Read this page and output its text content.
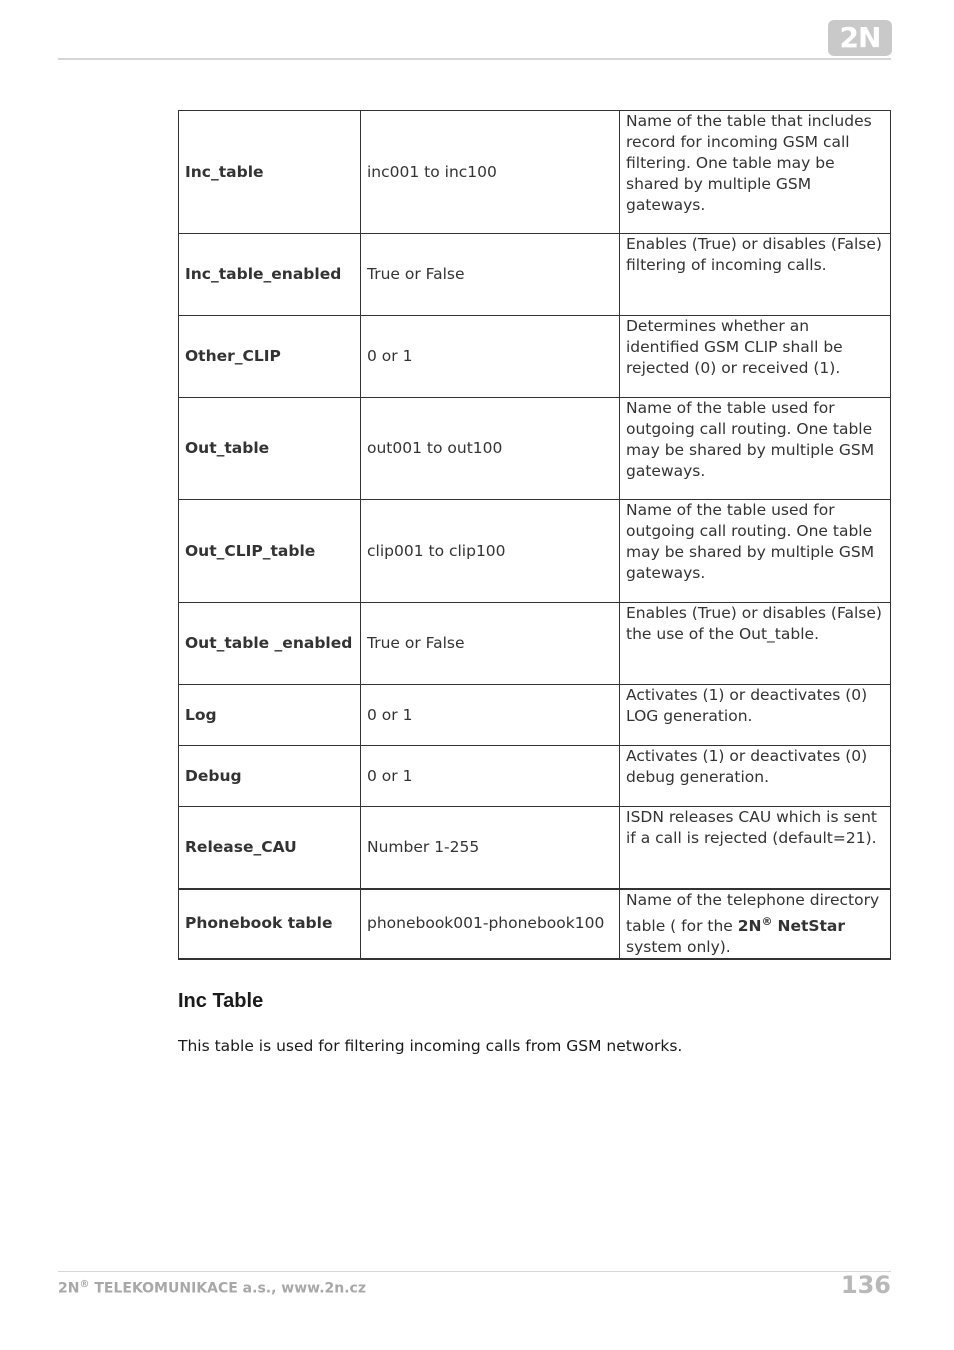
2N
Inc_table	inc001 to inc100	Name of the table that includes record for incoming GSM call filtering. One table may be shared by multiple GSM gateways.
Inc_table_enabled	True or False	Enables (True) or disables (False) filtering of incoming calls.
Other_CLIP	0 or 1	Determines whether an identified GSM CLIP shall be rejected (0) or received (1).
Out_table	out001 to out100	Name of the table used for outgoing call routing. One table may be shared by multiple GSM gateways.
Out_CLIP_table	clip001 to clip100	Name of the table used for outgoing call routing. One table may be shared by multiple GSM gateways.
Out_table _enabled	True or False	Enables (True) or disables (False) the use of the Out_table.
Log	0 or 1	Activates (1) or deactivates (0) LOG generation.
Debug	0 or 1	Activates (1) or deactivates (0) debug generation.
Release_CAU	Number 1-255	ISDN releases CAU which is sent if a call is rejected (default=21).
Phonebook table	phonebook001-phonebook100	Name of the telephone directory table ( for the 2N® NetStar system only).
Inc Table
This table is used for filtering incoming calls from GSM networks.
2N® TELEKOMUNIKACE a.s., www.2n.cz	136
